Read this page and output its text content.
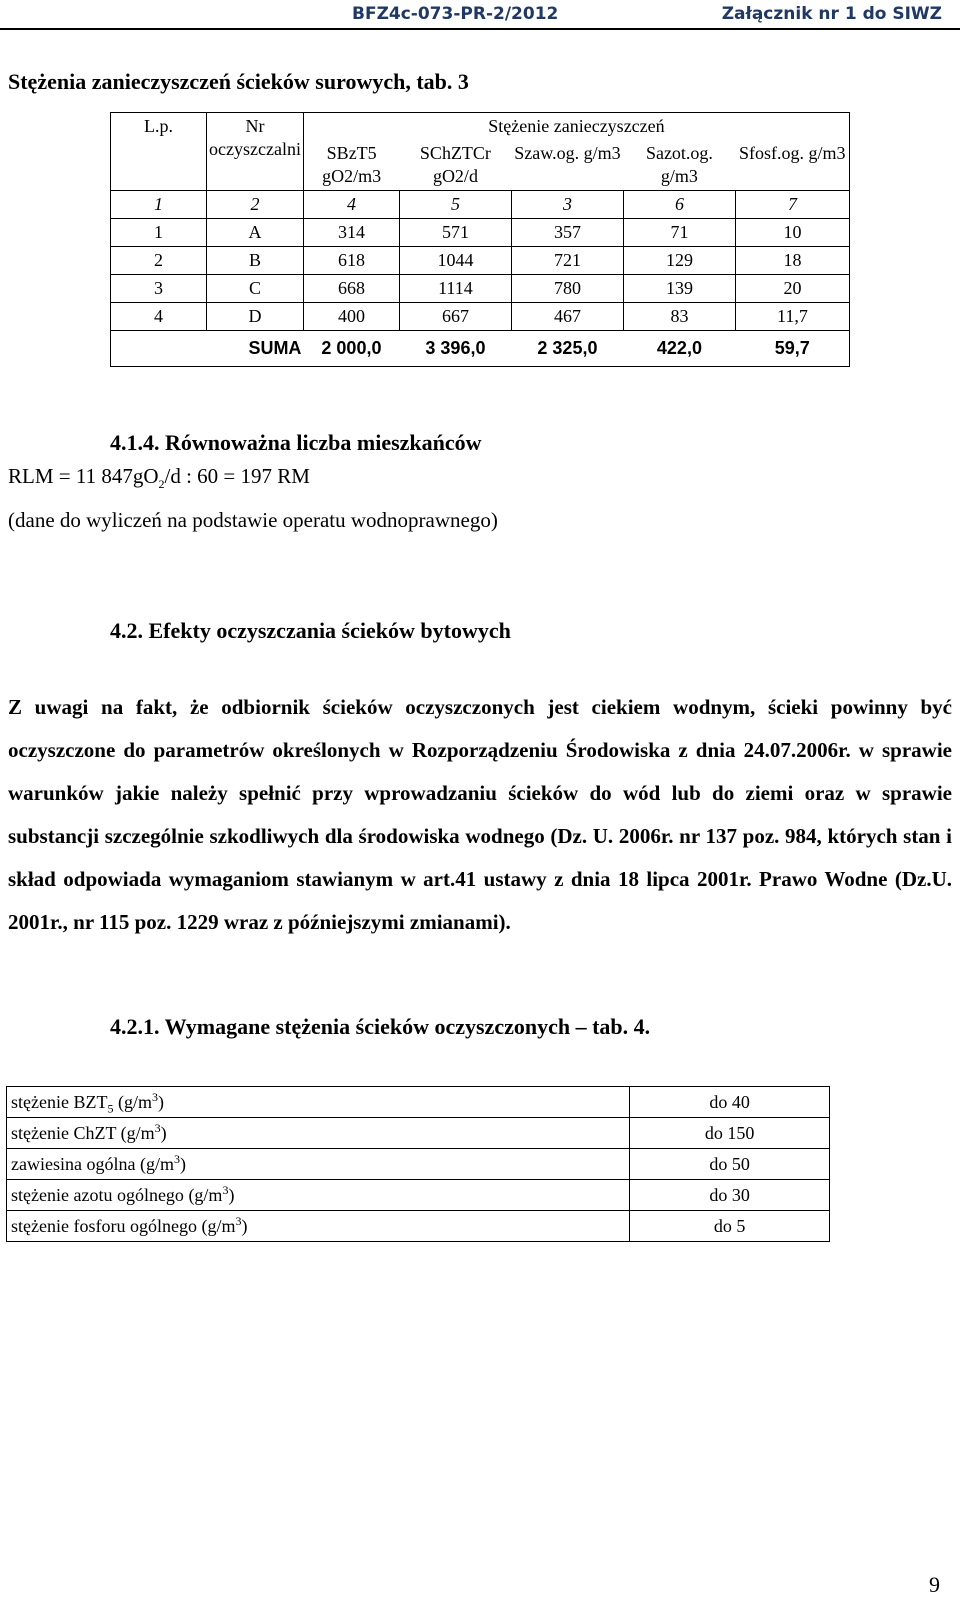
BFZ4c-073-PR-2/2012	Załącznik nr 1 do SIWZ
Stężenia zanieczyszczeń ścieków surowych, tab. 3
L.p.	Nr oczyszczalni	Stężenie zanieczyszczeń				
		SBzT5 gO2/m3	SChZTCr gO2/d	Szaw.og. g/m3	Sazot.og. g/m3	Sfosf.og. g/m3
1	2	4	5	3	6	7
1	A	314	571	357	71	10
2	B	618	1044	721	129	18
3	C	668	1114	780	139	20
4	D	400	667	467	83	11,7
	SUMA	2 000,0	3 396,0	2 325,0	422,0	59,7
4.1.4. Równoważna liczba mieszkańców
RLM = 11 $847gO_2/d$ : 60 = 197 RM
(dane do wyliczeń na podstawie operatu wodnoprawnego)
4.2. Efekty oczyszczania ścieków bytowych
Z uwagi na fakt, że odbiornik ścieków oczyszczonych jest ciekiem wodnym, ścieki powinny być oczyszczone do parametrów określonych w Rozporządzeniu Środowiska z dnia 24.07.2006r. w sprawie warunków jakie należy spełnić przy wprowadzaniu ścieków do wód lub do ziemi oraz w sprawie substancji szczególnie szkodliwych dla środowiska wodnego (Dz. U. 2006r. nr 137 poz. 984, których stan i skład odpowiada wymaganiom stawianym w art.41 ustawy z dnia 18 lipca 2001r. Prawo Wodne (Dz.U. 2001r., nr 115 poz. 1229 wraz z późniejszymi zmianami).
4.2.1. Wymagane stężenia ścieków oczyszczonych – tab. 4.
stężenie $BZT_5$ $(g/m^3)$	do 40
stężenie ChZT $(g/m^3)$	do 150
zawiesina ogólna $(g/m^3)$	do 50
stężenie azotu ogólnego $(g/m^3)$	do 30
stężenie fosforu ogólnego $(g/m^3)$	do 5
9
